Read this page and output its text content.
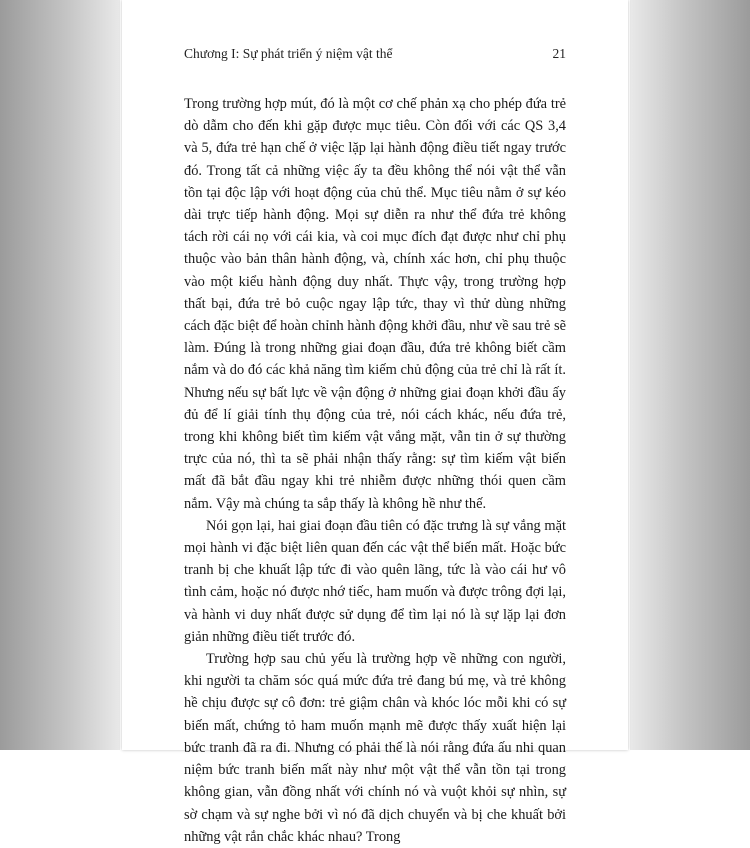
Chương I: Sự phát triển ý niệm vật thể	21

Trong trường hợp mút, đó là một cơ chế phản xạ cho phép đứa trẻ dò dẫm cho đến khi gặp được mục tiêu. Còn đối với các QS 3,4 và 5, đứa trẻ hạn chế ở việc lặp lại hành động điều tiết ngay trước đó. Trong tất cả những việc ấy ta đều không thể nói vật thể vẫn tồn tại độc lập với hoạt động của chủ thể. Mục tiêu nằm ở sự kéo dài trực tiếp hành động. Mọi sự diễn ra như thể đứa trẻ không tách rời cái nọ với cái kia, và coi mục đích đạt được như chỉ phụ thuộc vào bản thân hành động, và, chính xác hơn, chỉ phụ thuộc vào một kiểu hành động duy nhất. Thực vậy, trong trường hợp thất bại, đứa trẻ bỏ cuộc ngay lập tức, thay vì thử dùng những cách đặc biệt để hoàn chỉnh hành động khởi đầu, như về sau trẻ sẽ làm. Đúng là trong những giai đoạn đầu, đứa trẻ không biết cầm nắm và do đó các khả năng tìm kiếm chủ động của trẻ chỉ là rất ít. Nhưng nếu sự bất lực về vận động ở những giai đoạn khởi đầu ấy đủ để lí giải tính thụ động của trẻ, nói cách khác, nếu đứa trẻ, trong khi không biết tìm kiếm vật vắng mặt, vẫn tin ở sự thường trực của nó, thì ta sẽ phải nhận thấy rằng: sự tìm kiếm vật biến mất đã bắt đầu ngay khi trẻ nhiễm được những thói quen cầm nắm. Vậy mà chúng ta sắp thấy là không hề như thế.

Nói gọn lại, hai giai đoạn đầu tiên có đặc trưng là sự vắng mặt mọi hành vi đặc biệt liên quan đến các vật thể biến mất. Hoặc bức tranh bị che khuất lập tức đi vào quên lãng, tức là vào cái hư vô tình cảm, hoặc nó được nhớ tiếc, ham muốn và được trông đợi lại, và hành vi duy nhất được sử dụng để tìm lại nó là sự lặp lại đơn giản những điều tiết trước đó.

Trường hợp sau chủ yếu là trường hợp về những con người, khi người ta chăm sóc quá mức đứa trẻ đang bú mẹ, và trẻ không hề chịu được sự cô đơn: trẻ giậm chân và khóc lóc mỗi khi có sự biến mất, chứng tỏ ham muốn mạnh mẽ được thấy xuất hiện lại bức tranh đã ra đi. Nhưng có phải thế là nói rằng đứa ấu nhi quan niệm bức tranh biến mất này như một vật thể vẫn tồn tại trong không gian, vẫn đồng nhất với chính nó và vuột khỏi sự nhìn, sự sờ chạm và sự nghe bởi vì nó đã dịch chuyển và bị che khuất bởi những vật rắn chắc khác nhau? Trong
